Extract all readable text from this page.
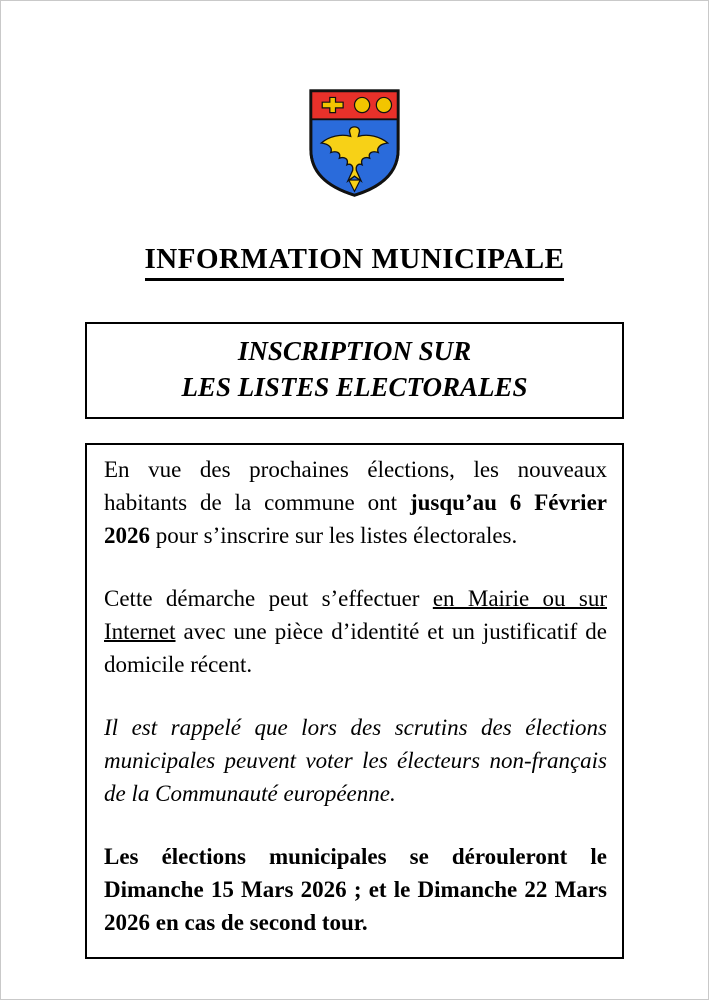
INFORMATION MUNICIPALE
INSCRIPTION SUR
LES LISTES ELECTORALES

En vue des prochaines élections, les nouveaux habitants de la commune ont jusqu’au 6 Février 2026 pour s’inscrire sur les listes électorales.

Cette démarche peut s’effectuer en Mairie ou sur Internet avec une pièce d’identité et un justificatif de domicile récent.

Il est rappelé que lors des scrutins des élections municipales peuvent voter les électeurs non-français de la Communauté européenne.

Les élections municipales se dérouleront le Dimanche 15 Mars 2026 ; et le Dimanche 22 Mars 2026 en cas de second tour.
